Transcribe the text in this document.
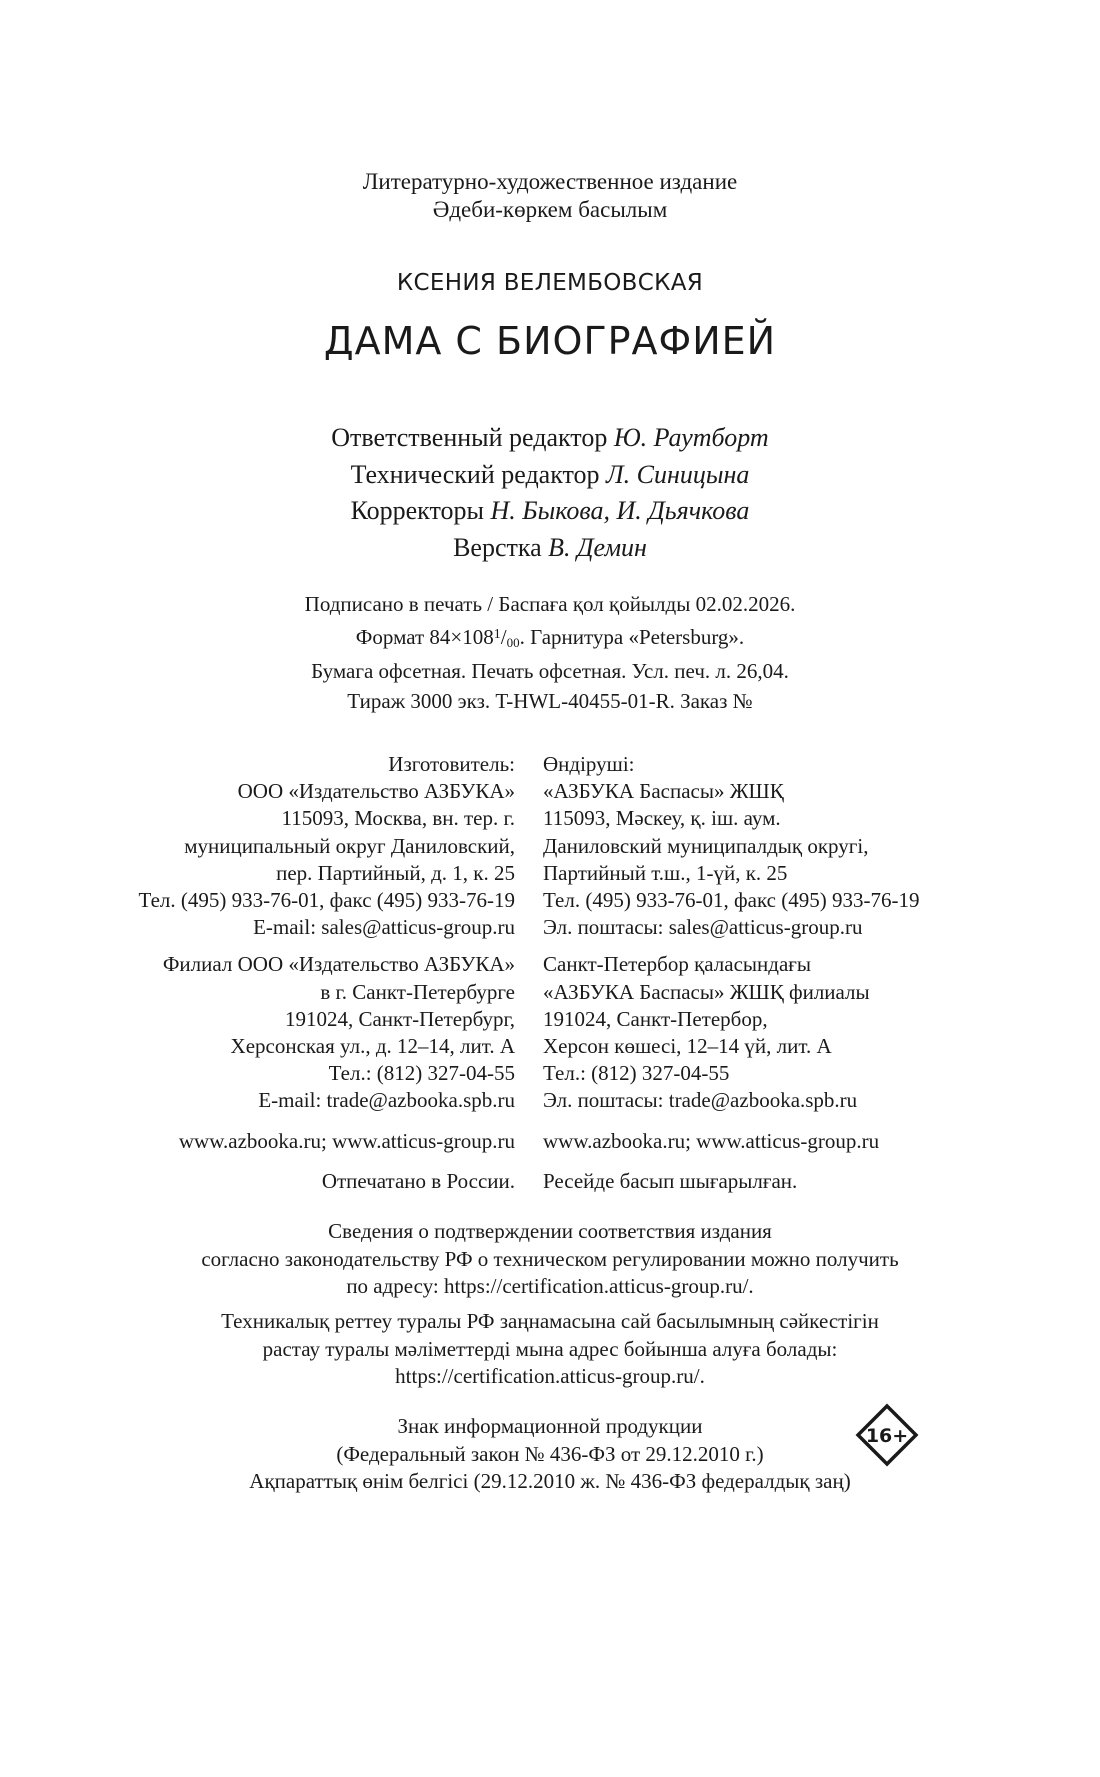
Литературно-художественное издание
Әдеби-көркем басылым
КСЕНИЯ ВЕЛЕМБОВСКАЯ
ДАМА С БИОГРАФИЕЙ
Ответственный редактор Ю. Раутборт
Технический редактор Л. Синицына
Корректоры Н. Быкова, И. Дьячкова
Верстка В. Демин
Подписано в печать / Баспаға қол қойылды 02.02.2026.
Формат $84\times 108^1/_{00}$. Гарнитура «Petersburg».
Бумага офсетная. Печать офсетная. Усл. печ. л. 26,04.
Тираж 3000 экз. T-HWL-40455-01-R. Заказ №
Изготовитель:
ООО «Издательство АЗБУКА»
115093, Москва, вн. тер. г.
муниципальный округ Даниловский,
пер. Партийный, д. 1, к. 25
Тел. (495) 933-76-01, факс (495) 933-76-19
E-mail: sales@atticus-group.ru
Өндіруші:
«АЗБУКА Баспасы» ЖШҚ
115093, Мәскеу, қ. іш. аум.
Даниловский муниципалдық округі,
Партийный т.ш., 1-үй, к. 25
Тел. (495) 933-76-01, факс (495) 933-76-19
Эл. поштасы: sales@atticus-group.ru
Филиал ООО «Издательство АЗБУКА»
в г. Санкт-Петербурге
191024, Санкт-Петербург,
Херсонская ул., д. 12–14, лит. А
Тел.: (812) 327-04-55
E-mail: trade@azbooka.spb.ru
Санкт-Петербор қаласындағы
«АЗБУКА Баспасы» ЖШҚ филиалы
191024, Санкт-Петербор,
Херсон көшесі, 12–14 үй, лит. А
Тел.: (812) 327-04-55
Эл. поштасы: trade@azbooka.spb.ru
www.azbooka.ru; www.atticus-group.ru www.azbooka.ru; www.atticus-group.ru
Отпечатано в России. Ресейде басып шығарылған.
Сведения о подтверждении соответствия издания
согласно законодательству РФ о техническом регулировании можно получить
по адресу: https://certification.atticus-group.ru/.
Техникалық реттеу туралы РФ заңнамасына сай басылымның сәйкестігін
растау туралы мәліметтерді мына адрес бойынша алуға болады:
https://certification.atticus-group.ru/.
Знак информационной продукции
(Федеральный закон № 436-ФЗ от 29.12.2010 г.)
Ақпараттық өнім белгісі (29.12.2010 ж. № 436-ФЗ федералдық заң)
16+
